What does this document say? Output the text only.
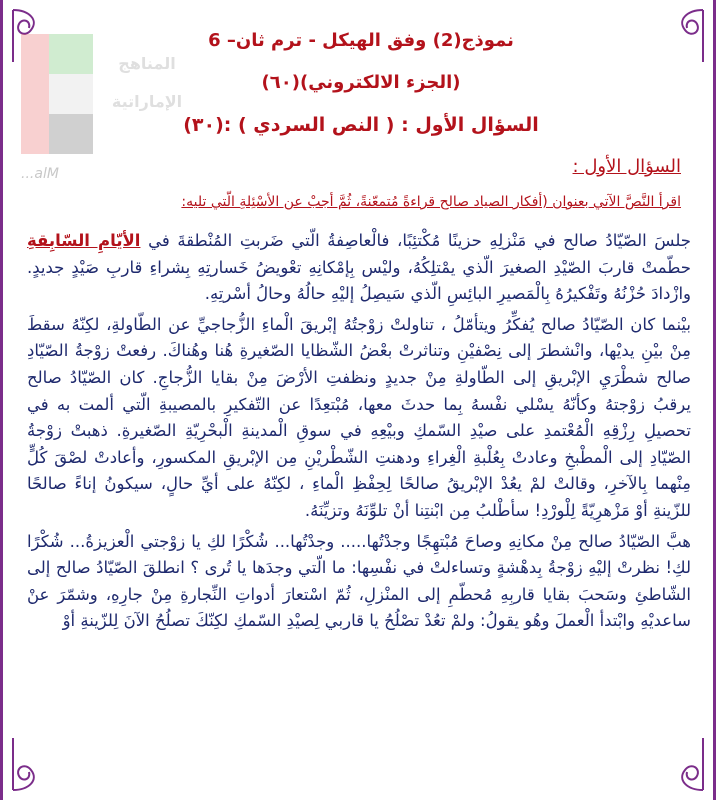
المناهج
الإماراتية
alM...
نموذج(2) وفق الهيكل - ترم ثان– 6
(الجزء الالكتروني)(٦٠)
السؤال الأول : ( النص السردي ) :(٣٠)
السؤال الأول :
اقرأ النَّصَّ الآتي بعنوان (أفكار الصياد صالح قراءةً مُتمعّنةً، ثُمَّ أجبْ عن الأسْئِلةِ الّتي تليه:

جلسَ الصّيّادُ صالح في مَنْزلِهِ حزينًا مُكْتئِبًا، فالْعاصِفةُ الّتي ضَربتِ المُنْطقةَ في الأيّامِ السّابِقةِ حطّمتْ قاربَ الصّيْدِ الصغيرَ الّذي يمْتلِكُهُ، وليْس بِإمْكانِهِ تعْويضُ خَسارتِهِ بِشراءِ قاربِ صَيْدٍ جديدٍ. وازْدادَ حُزْنُهُ وتَفْكيرُهُ بِالْمَصيرِ البائِسِ الّذي سَيصِلُ إليْهِ حالُهُ وحالُ أسْرتِهِ.

بيْنما كان الصّيّادُ صالح يُفكِّرُ ويتأمّلُ ، تناولتْ زوْجتُهُ إبْريقَ الْماءِ الزُّجاجيِّ عن الطّاولةِ، لكِنّهُ سقطَ مِنْ بيْنِ يديْها، وانْشطرَ إلى نِصْفيْنِ وتناثرتْ بعْضُ الشّظايا الصّغيرةِ هُنا وهُناكَ. رفعتْ زوْجةُ الصّيّادِ صالح شطْرَيِ الإبْريقِ إلى الطّاولةِ مِنْ جديدٍ ونظفتِ الأرْضَ مِنْ بقايا الزُّجاجِ. كان الصّيّادُ صالح يرقبُ زوْجتهُ وكأنّهُ يسْلي نفْسهُ بِما حدثَ معها، مُبْتعِدًا عن التّفكيرِ بالمصيبةِ الّتي ألمت به في تحصيلِ رِزْقِهِ الْمُعْتمدِ على صيْدِ السّمكِ وبيْعِهِ في سوقِ الْمدينةِ الْبحْرِيّةِ الصّغيرةِ. ذهبتْ زوْجةُ الصّيّادِ إلى الْمطْبخِ وعادتْ بِعُلْبةِ الْغِراءِ ودهنتِ الشّطْريْنِ مِن الإبْريقِ المكسورِ، وأعادتْ لصْقَ كُلٍّ مِنْهما بِالآخرِ، وقالتْ لمْ يعُدْ الإبْريقُ صالحًا لِحِفْظِ الْماءِ ، لكِنّهُ على أيِّ حالٍ، سيكونُ إناءً صالحًا للزّينةِ أوْ مَزْهرِيّةً لِلْورْدِ! سأطْلبُ مِن ابْنتِنا أنْ تلوِّنَهُ وتزيِّنَهُ.

هبَّ الصّيّادُ صالح مِنْ مكانِهِ وصاحَ مُبْتهِجًا وجدْتُها..... وجدْتُها... شُكْرًا لكِ يا زوْجتي الْعزيزةُ... شُكْرًا لكِ! نظرتْ إليْهِ زوْجةُ بِدهْشةٍ وتساءلتْ في نفْسِها: ما الّتي وجدَها يا تُرى ؟ انطلقَ الصّيّادُ صالح إلى الشّاطئِ وسَحبَ بقايا قاربِهِ مُحطّمِ إلى المنْزلِ، ثُمّ اسْتعارَ أدواتِ النِّجارةِ مِنْ جارِهِ، وشمّرَ عنْ ساعديْهِ وابْتدأ الْعملَ وهُو يقولُ: ولمْ تعُدْ تصْلُحُ يا قاربي لِصيْدِ السّمكِ لكِنّكَ تصلُحُ الآنَ لِلزّينةِ أوْ
